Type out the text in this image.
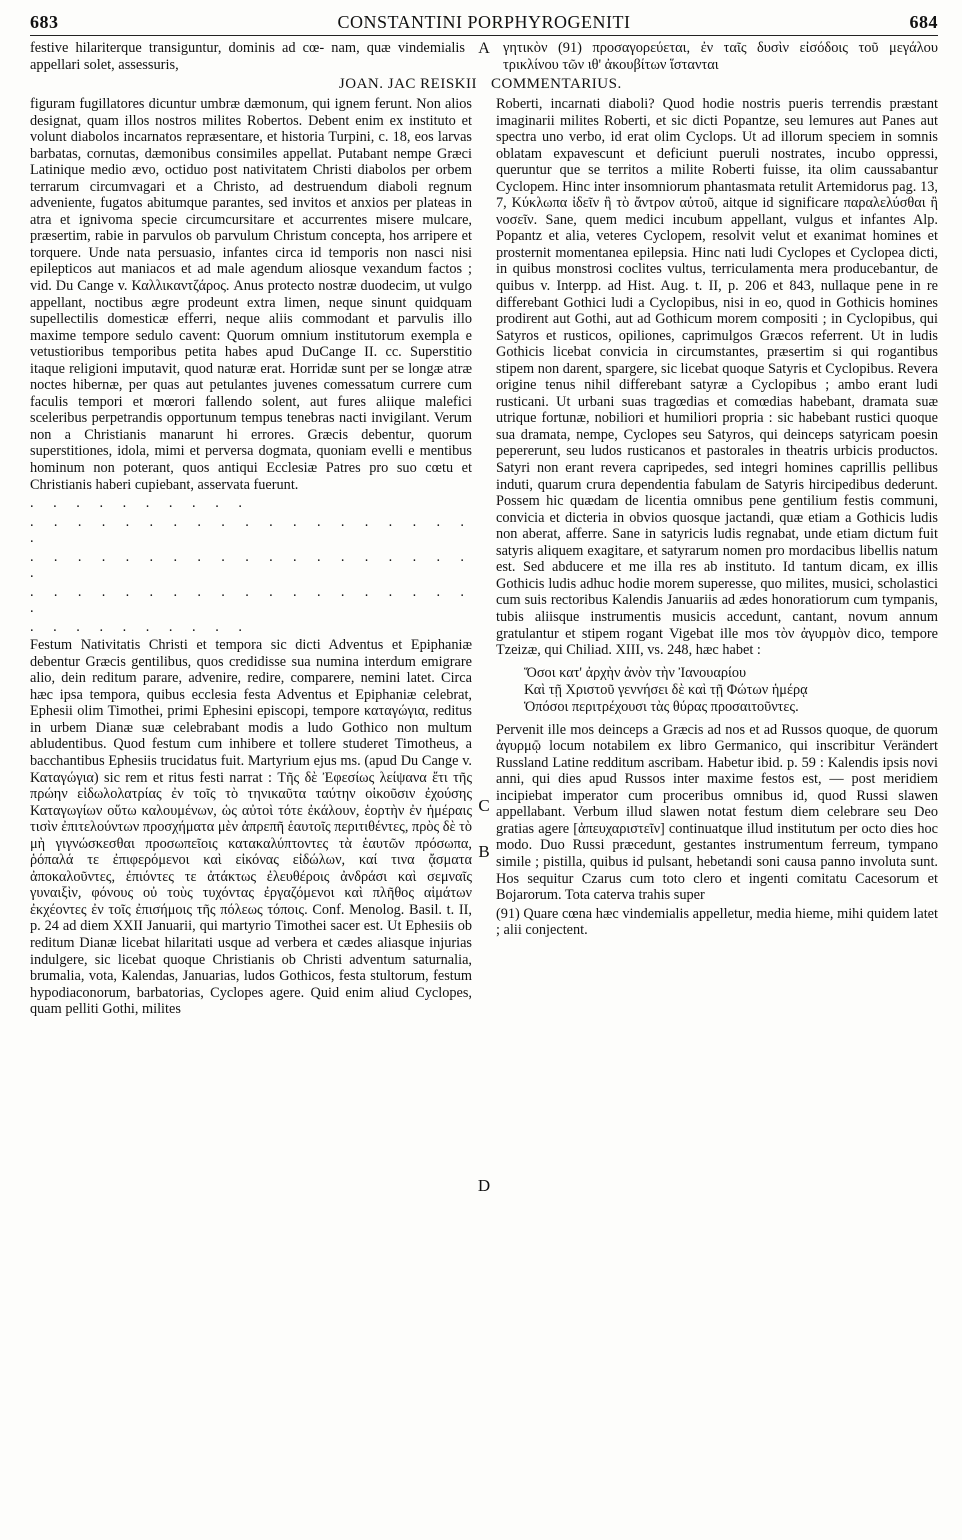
683	CONSTANTINI PORPHYROGENITI	684
festive hilariterque transiguntur, dominis ad cœ- nam, quæ vindemialis appellari solet, assessuris,
A γητικὸν (91) προσαγορεύεται, ἐν ταῖς δυσὶν εἰσόδοις τοῦ μεγάλου τρικλίνου τῶν ιθ' ἀκουβίτων ἵστανται
JOAN. JAC REISKII COMMENTARIUS.
B
C
D

figuram fugillatores dicuntur umbræ dæmonum, qui ignem ferunt. Non alios designat, quam illos nostros milites Robertos. Debent enim ex instituto et volunt diabolos incarnatos repræsentare, et historia Turpini, c. 18, eos larvas barbatas, cornutas, dæmonibus consimiles appellat. Putabant nempe Græci Latinique medio ævo, octiduo post nativitatem Christi diabolos per orbem terrarum circumvagari et a Christo, ad destruendum diaboli regnum advenientе, fugatos abitumque parantes, sed invitos et anxios per plateas in atra et ignivoma specie circumcursitare et accurrentes misere mulcare, præsertim, rabie in parvulos ob parvulum Christum concepta, hos arripere et torquere. Unde nata persuasio, infantes circa id temporis non nasci nisi epilepticos aut maniacos et ad male agendum aliosque vexandum factos ; vid. Du Cange v. Καλλικαντζάρος. Anus protecto nostræ duodecim, ut vulgo appellant, noctibus ægre prodeunt extra limen, neque sinunt quidquam supellectilis domesticæ efferri, neque aliis commodant et parvulis illo maxime tempore sedulo cavent: Quorum omnium institutorum exempla e vetustioribus temporibus petita habes apud DuCange II. cc. Superstitio itaque religioni imputavit, quod naturæ erat. Horridæ sunt per se longæ atræ noctes hibernæ, per quas aut petulantes juvenes comessatum currere cum faculis tempori et mœrori fallendo solent, aut fures aliique malefici sceleribus perpetrandis opportunum tempus tenebras nacti invigilant. Verum non a Christianis manarunt hi errores. Græcis debentur, quorum superstitiones, idola, mimi et perversa dogmata, quoniam evelli e mentibus hominum non poterant, quos antiqui Ecclesiæ Patres pro suo cœtu et Christianis haberi cupiebant, asservata fuerunt.

. . . . . . . . . .
. . . . . . . . . . . . . . . . . . . .
. . . . . . . . . . . . . . . . . . . .
. . . . . . . . . . . . . . . . . . . .
. . . . . . . . . .

Festum Nativitatis Christi et tempora sic dicti Adventus et Epiphaniæ debentur Græcis gentilibus, quos credidisse sua numina interdum emigrare alio, dein reditum parare, advenire, redire, comparere, nemini latet. Circa hæc ipsa tempora, quibus ecclesia festa Adventus et Epiphaniæ celebrat, Ephesii olim Timothei, primi Ephesini episcopi, tempore καταγώγια, reditus in urbem Dianæ suæ celebrabant modis a ludo Gothico non multum abludentibus. Quod festum cum inhibere et tollere studeret Timotheus, a bacchantibus Ephesiis trucidatus fuit. Martyrium ejus ms. (apud Du Cange v. Καταγώγια) sic rem et ritus festi narrat : Τῆς δὲ Ἐφεσίως λείψανα ἔτι τῆς πρώην εἰδωλολατρίας ἐν τοῖς τὸ τηνικαῦτα ταύτην οἰκοῦσιν ἐχούσης Καταγωγίων οὕτω καλουμένων, ὡς αὐτοὶ τότε ἐκάλουν, ἑορτὴν ἐν ἡμέραις τισὶν ἐπιτελούντων προσχήματα μὲν ἀπρεπῆ ἑαυτοῖς περιτιθέντες, πρὸς δὲ τὸ μὴ γιγνώσκεσθαι προσωπεῖοις κατακαλύπτοντες τὰ ἑαυτῶν πρόσωπα, ῥόπαλά τε ἐπιφερόμενοι καὶ εἰκόνας εἰδώλων, καί τινα ᾄσματα ἀποκαλοῦντες, ἐπιόντες τε ἀτάκτως ἐλευθέροις ἀνδράσι καὶ σεμναῖς γυναιξὶν, φόνους οὐ τοὺς τυχόντας ἐργαζόμενοι καὶ πλῆθος αἱμάτων ἐκχέοντες ἐν τοῖς ἐπισήμοις τῆς πόλεως τόποις. Conf. Menolog. Basil. t. II, p. 24 ad diem XXII Januarii, qui martyrio Timothei sacer est. Ut Ephesiis ob reditum Dianæ licebat hilaritati usque ad verbera et cædes aliasque injurias indulgere, sic licebat quoque Christianis ob Christi adventum saturnalia, brumalia, vota, Kalendas, Januarias, ludos Gothicos, festa stultorum, festum hypodiaconorum, barbatorias, Cyclopes agere. Quid enim aliud Cyclopes, quam pelliti Gothi, milites

Roberti, incarnati diaboli? Quod hodie nostris pueris terrendis præstant imaginarii milites Roberti, et sic dicti Popantze, seu lemures aut Panes aut spectra uno verbo, id erat olim Cyclops. Ut ad illorum speciem in somnis oblatam expavescunt et deficiunt pueruli nostrates, incubo oppressi, queruntur que se territos a milite Roberti fuisse, ita olim caussabantur Cyclopem. Hinc inter insomniorum phantasmata retulit Artemidorus pag. 13, 7, Κύκλωπα ἰδεῖν ἢ τὸ ἄντρον αὐτοῦ, aitque id significare παραλελύσθαι ἢ νοσεῖν. Sane, quem medici incubum appellant, vulgus et infantes Alp. Popantz et alia, veteres Cyclopem, resolvit velut et exanimat homines et prosternit momentanea epilepsia. Hinc nati ludi Cyclopes et Cyclopea dicti, in quibus monstrosi coclites vultus, terriculamenta mera producebantur, de quibus v. Interpp. ad Hist. Aug. t. II, p. 206 et 843, nullaque pene in re differebant Gothici ludi a Cyclopibus, nisi in eo, quod in Gothicis homines prodirent aut Gothi, aut ad Gothicum morem compositi ; in Cyclopibus, qui Satyros et rusticos, opiliones, caprimulgos Græcos referrent. Ut in ludis Gothicis licebat convicia in circumstantes, præsertim si qui rogantibus stipem non darent, spargere, sic licebat quoque Satyris et Cyclopibus. Revera origine tenus nihil differebant satyræ a Cyclopibus ; ambo erant ludi rusticani. Ut urbani suas tragœdias et comœdias habebant, dramata suæ utrique fortunæ, nobiliori et humiliori propria : sic habebant rustici quoque sua dramata, nempe, Cyclopes seu Satyros, qui deinceps satyricam poesin pepererunt, seu ludos rusticanos et pastorales in theatris urbicis productos. Satyri non erant revera capripedes, sed integri homines caprillis pellibus induti, quarum crura dependentia fabulam de Satyris hircipedibus dederunt. Possem hic quædam de licentia omnibus pene gentilium festis communi, convicia et dicteria in obvios quosque jactandi, quæ etiam a Gothicis ludis non aberat, afferre. Sane in satyricis ludis regnabat, unde etiam dictum fuit satyris aliquem exagitare, et satyrarum nomen pro mordacibus libellis natum est. Sed abducere et me illa res ab instituto. Id tantum dicam, ex illis Gothicis ludis adhuc hodie morem superesse, quo milites, musici, scholastici cum suis rectoribus Kalendis Januariis ad ædes honoratiorum cum tympanis, tubis aliisque instrumentis musicis accedunt, cantant, novum annum gratulantur et stipem rogant Vigebat ille mos τὸν ἀγυρμὸν dico, tempore Tzeizæ, qui Chiliad. XIII, vs. 248, hæc habet :

Ὅσοι κατ' ἀρχὴν ἀνὸν τὴν Ἰανουαρίου
Καὶ τῇ Χριστοῦ γεννήσει δὲ καὶ τῇ Φώτων ἡμέρᾳ
Ὁπόσοι περιτρέχουσι τὰς θύρας προσαιτοῦντες.

Pervenit ille mos deinceps a Græcis ad nos et ad Russos quoque, de quorum ἀγυρμῷ locum notabilem ex libro Germanico, qui inscribitur Verändert Russland Latine redditum ascribam. Habetur ibid. p. 59 : Kalendis ipsis novi anni, qui dies apud Russos inter maxime festos est, — post meridiem incipiebat imperator cum proceribus omnibus id, quod Russi slawen appellabant. Verbum illud slawen notat festum diem celebrare seu Deo gratias agere [ἀπευχαριστεῖν] continuatque illud institutum per octo dies hoc modo. Duo Russi præcedunt, gestantes instrumentum ferreum, tympano simile ; pistilla, quibus id pulsant, hebetandi soni causa panno involuta sunt. Hos sequitur Czarus cum toto clero et ingenti comitatu Cacesorum et Bojarorum. Tota caterva trahis super

(91) Quare cœna hæc vindemialis appelletur, media hieme, mihi quidem latet ; alii conjectent.
